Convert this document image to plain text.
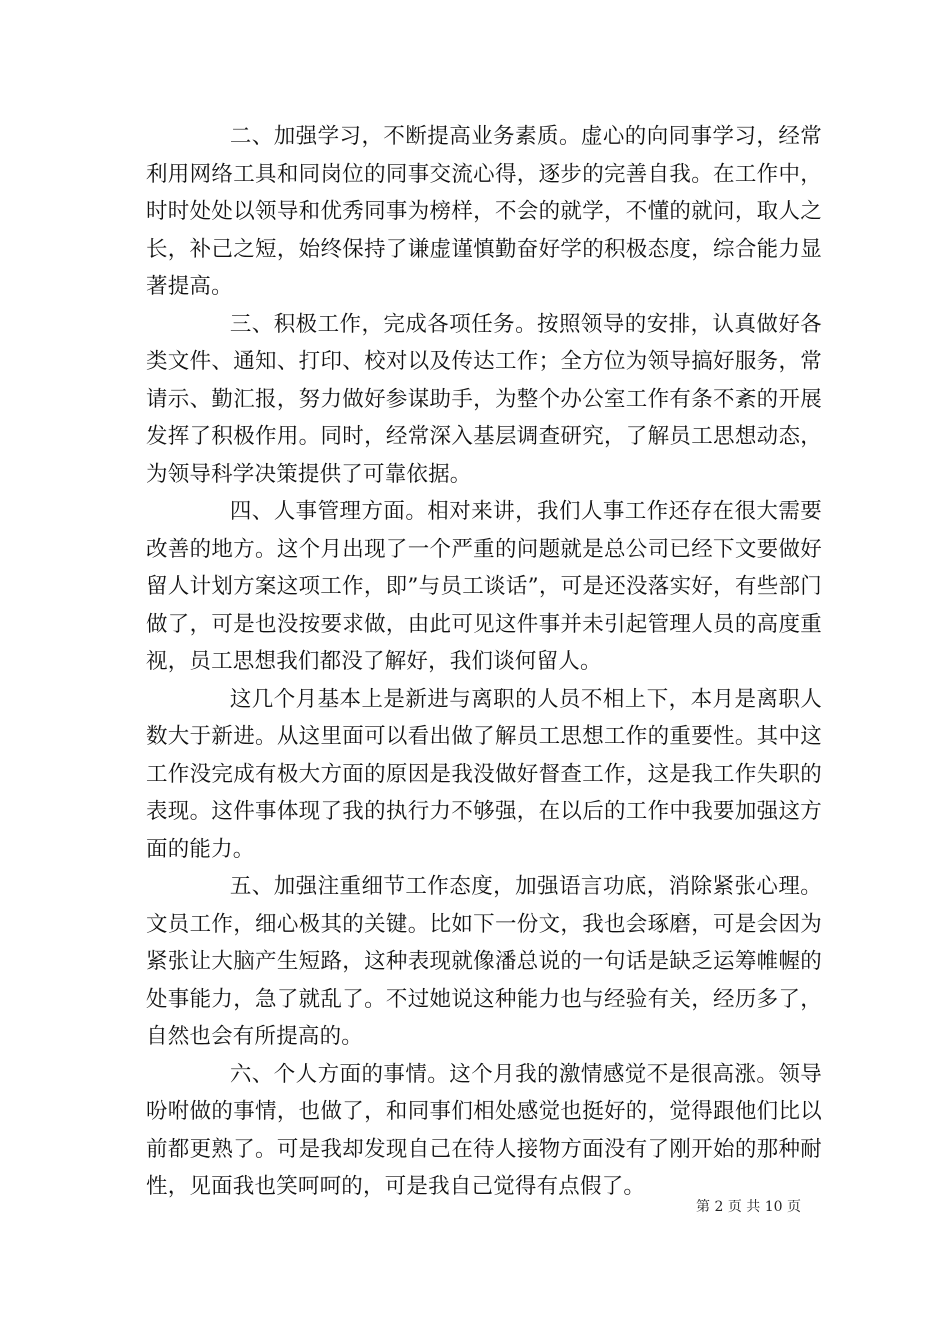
二、加强学习，不断提高业务素质。虚心的向同事学习，经常利用网络工具和同岗位的同事交流心得，逐步的完善自我。在工作中，时时处处以领导和优秀同事为榜样，不会的就学，不懂的就问，取人之长，补己之短，始终保持了谦虚谨慎勤奋好学的积极态度，综合能力显著提高。

三、积极工作，完成各项任务。按照领导的安排，认真做好各类文件、通知、打印、校对以及传达工作；全方位为领导搞好服务，常请示、勤汇报，努力做好参谋助手，为整个办公室工作有条不紊的开展发挥了积极作用。同时，经常深入基层调查研究，了解员工思想动态，为领导科学决策提供了可靠依据。

四、人事管理方面。相对来讲，我们人事工作还存在很大需要改善的地方。这个月出现了一个严重的问题就是总公司已经下文要做好留人计划方案这项工作，即”与员工谈话”，可是还没落实好，有些部门做了，可是也没按要求做，由此可见这件事并未引起管理人员的高度重视，员工思想我们都没了解好，我们谈何留人。

这几个月基本上是新进与离职的人员不相上下，本月是离职人数大于新进。从这里面可以看出做了解员工思想工作的重要性。其中这工作没完成有极大方面的原因是我没做好督查工作，这是我工作失职的表现。这件事体现了我的执行力不够强，在以后的工作中我要加强这方面的能力。

五、加强注重细节工作态度，加强语言功底，消除紧张心理。文员工作，细心极其的关键。比如下一份文，我也会琢磨，可是会因为紧张让大脑产生短路，这种表现就像潘总说的一句话是缺乏运筹帷幄的处事能力，急了就乱了。不过她说这种能力也与经验有关，经历多了，自然也会有所提高的。

六、个人方面的事情。这个月我的激情感觉不是很高涨。领导吩咐做的事情，也做了，和同事们相处感觉也挺好的，觉得跟他们比以前都更熟了。可是我却发现自己在待人接物方面没有了刚开始的那种耐性，见面我也笑呵呵的，可是我自己觉得有点假了。

第 2 页 共 10 页
